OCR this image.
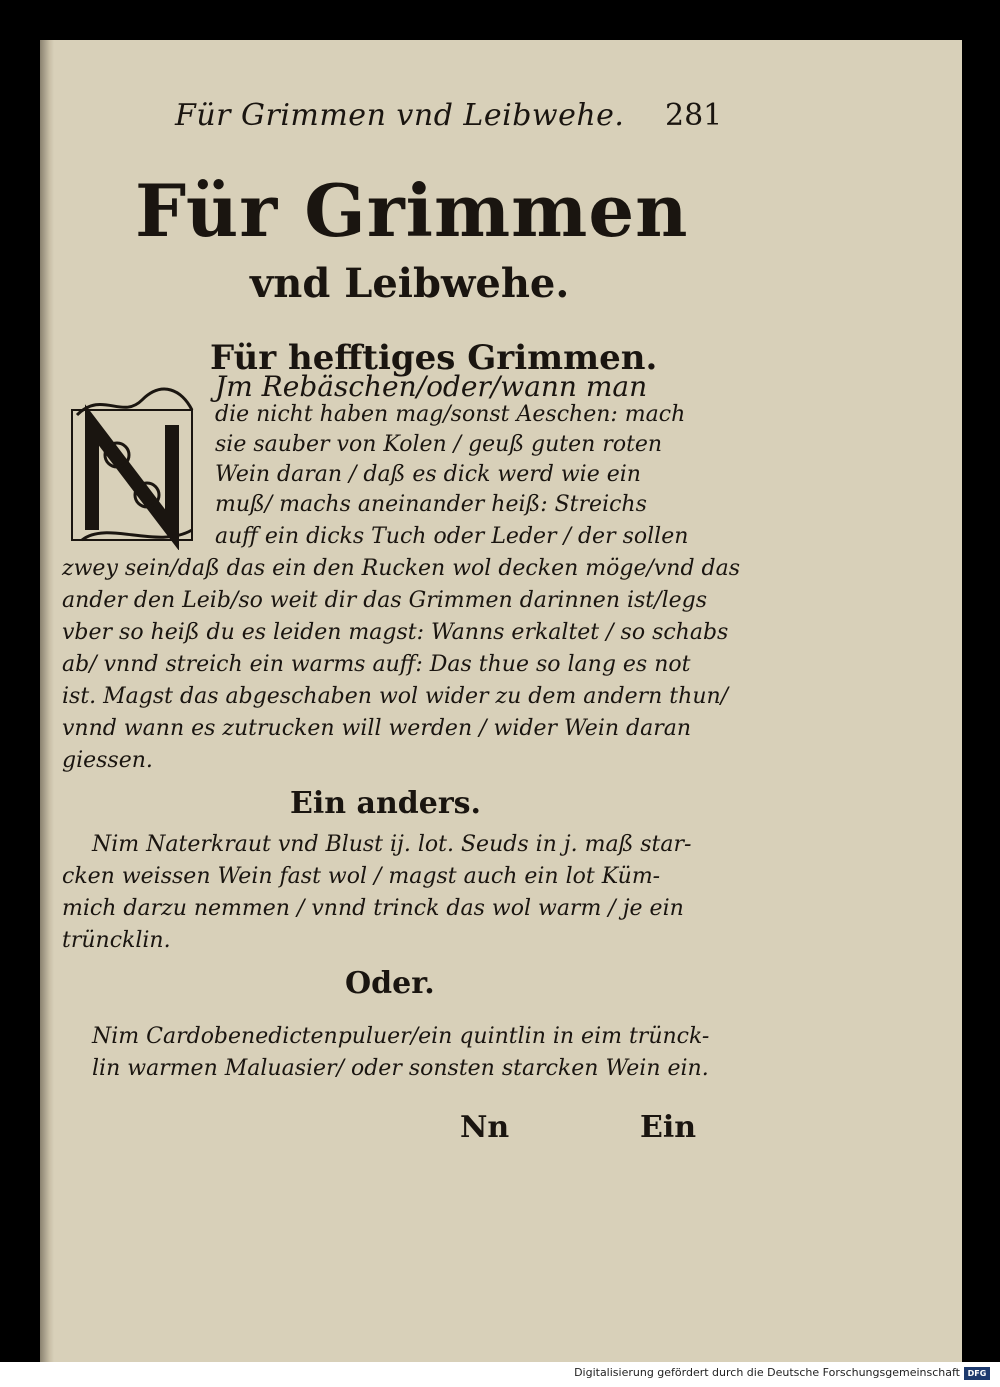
Für Grimmen vnd Leibwehe. 281
Für Grimmen
vnd Leibwehe.
Für hefftiges Grimmen.
Jm Rebäschen/oder/wann man
die nicht haben mag/sonst Aeschen: mach
sie sauber von Kolen / geuß guten roten
Wein daran / daß es dick werd wie ein
muß/ machs aneinander heiß: Streichs
auff ein dicks Tuch oder Leder / der sollen
zwey sein/daß das ein den Rucken wol decken möge/vnd das
ander den Leib/so weit dir das Grimmen darinnen ist/legs
vber so heiß du es leiden magst: Wanns erkaltet / so schabs
ab/ vnnd streich ein warms auff: Das thue so lang es not
ist. Magst das abgeschaben wol wider zu dem andern thun/
vnnd wann es zutrucken will werden / wider Wein daran
giessen.
Ein anders.
Nim Naterkraut vnd Blust ij. lot. Seuds in j. maß star-
cken weissen Wein fast wol / magst auch ein lot Küm-
mich darzu nemmen / vnnd trinck das wol warm / je ein
trüncklin.
Oder.
Nim Cardobenedictenpuluer/ein quintlin in eim trünck-
lin warmen Maluasier/ oder sonsten starcken Wein ein.
Nn	Ein
Digitalisierung gefördert durch die Deutsche Forschungsgemeinschaft DFG
